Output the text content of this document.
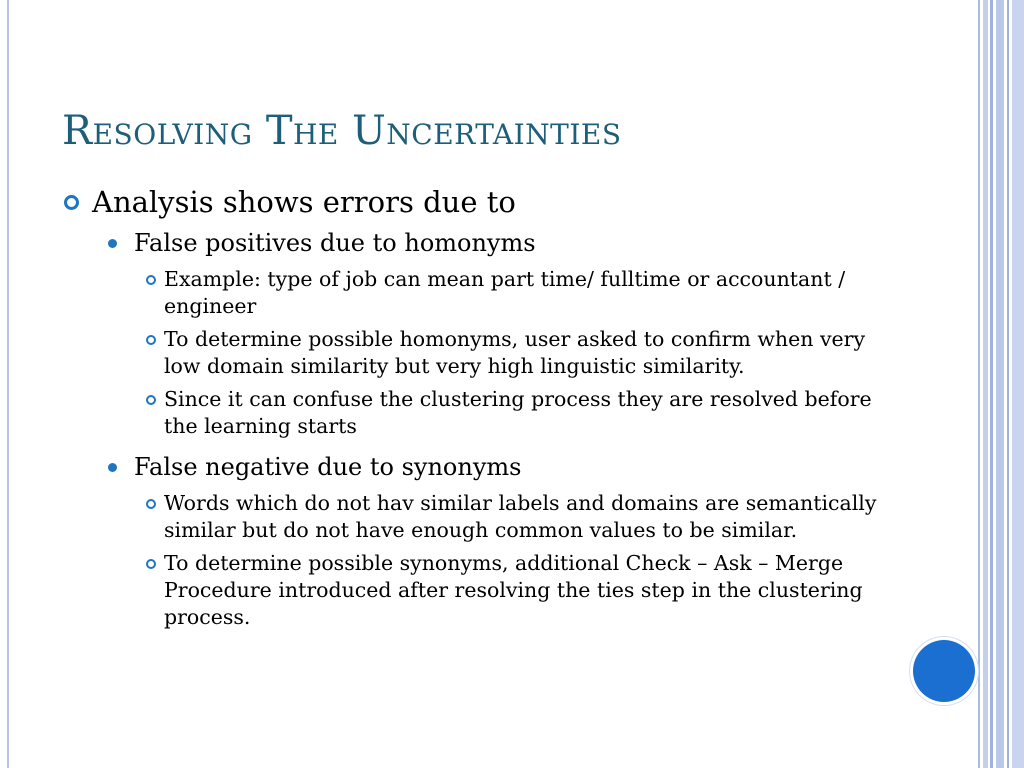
Resolving The Uncertainties
Analysis shows errors due to
False positives due to homonyms
Example: type of job can mean part time/ fulltime or accountant / engineer
To determine possible homonyms, user asked to confirm when very low domain similarity but very high linguistic similarity.
Since it can confuse the clustering process they are resolved before the learning starts
False negative due to synonyms
Words which do not hav similar labels and domains are semantically similar but do not have enough common values to be similar.
To determine possible synonyms, additional Check – Ask – Merge Procedure introduced after resolving the ties step in the clustering process.
